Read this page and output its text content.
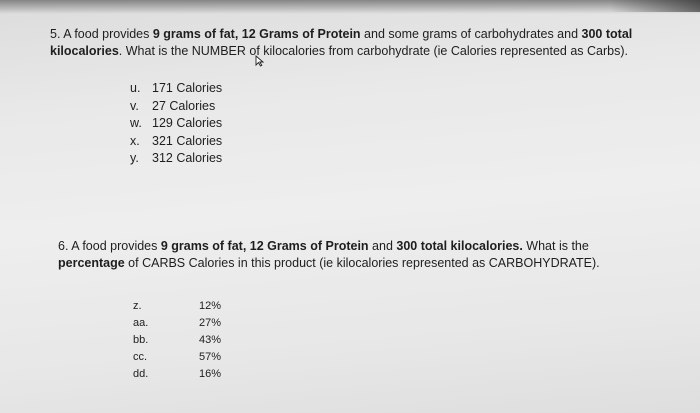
5. A food provides 9 grams of fat, 12 Grams of Protein and some grams of carbohydrates and 300 total

kilocalories. What is the NUMBER of kilocalories from carbohydrate (ie Calories represented as Carbs).

u. 171 Calories
v.	27 Calories
w. 129 Calories
x. 321 Calories
y.	312 Calories

6. A food provides 9 grams of fat, 12 Grams of Protein and 300 total kilocalories. What is the

percentage of CARBS Calories in this product (ie kilocalories represented as CARBOHYDRATE).

z.	12%
aa.	27%
bb.	43%
cc.	57%
dd.	16%
